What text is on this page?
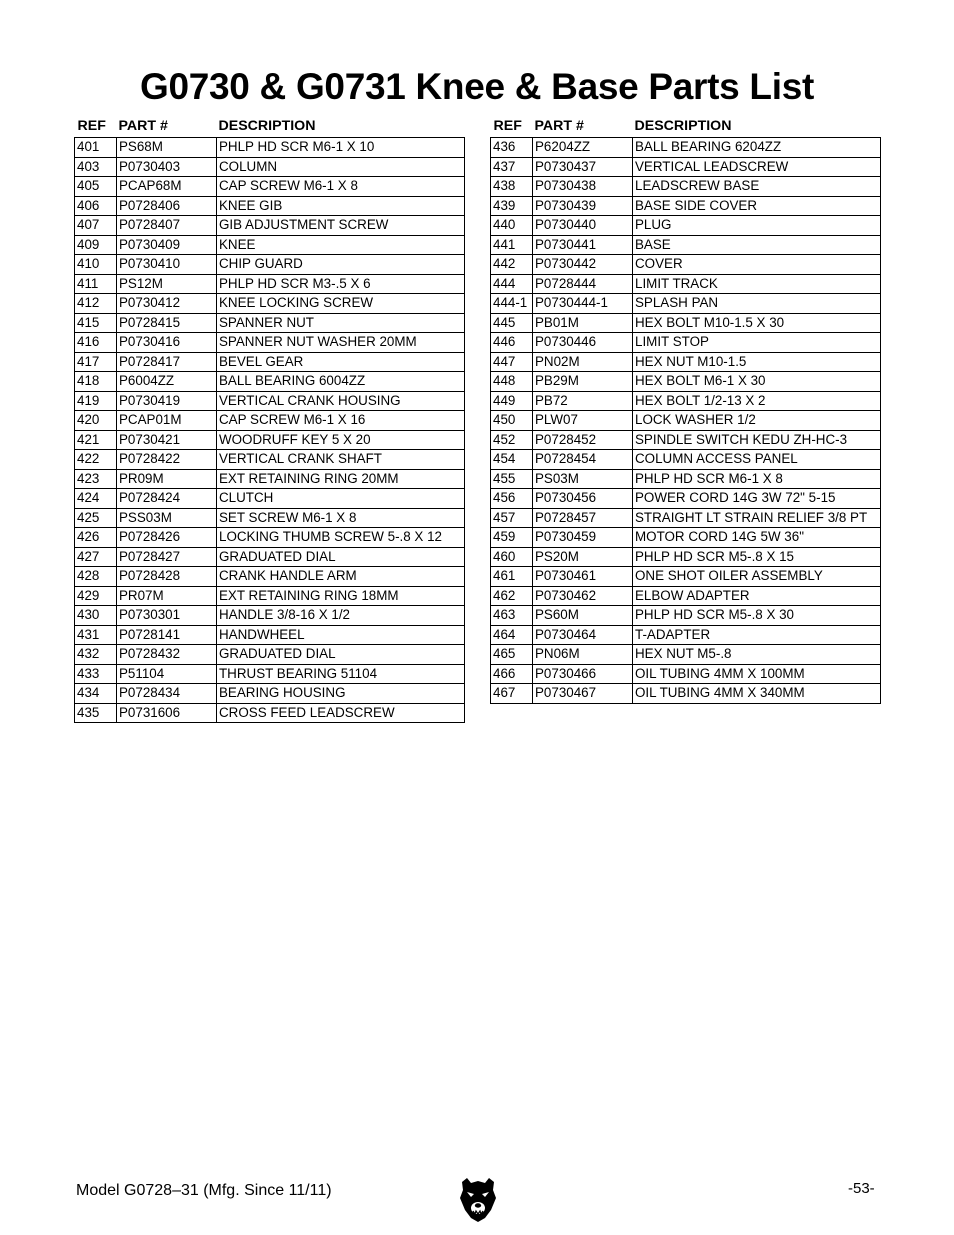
G0730 & G0731 Knee & Base Parts List
REF	PART #	DESCRIPTION
401	PS68M	PHLP HD SCR M6-1 X 10
403	P0730403	COLUMN
405	PCAP68M	CAP SCREW M6-1 X 8
406	P0728406	KNEE GIB
407	P0728407	GIB ADJUSTMENT SCREW
409	P0730409	KNEE
410	P0730410	CHIP GUARD
411	PS12M	PHLP HD SCR M3-.5 X 6
412	P0730412	KNEE LOCKING SCREW
415	P0728415	SPANNER NUT
416	P0730416	SPANNER NUT WASHER 20MM
417	P0728417	BEVEL GEAR
418	P6004ZZ	BALL BEARING 6004ZZ
419	P0730419	VERTICAL CRANK HOUSING
420	PCAP01M	CAP SCREW M6-1 X 16
421	P0730421	WOODRUFF KEY 5 X 20
422	P0728422	VERTICAL CRANK SHAFT
423	PR09M	EXT RETAINING RING 20MM
424	P0728424	CLUTCH
425	PSS03M	SET SCREW M6-1 X 8
426	P0728426	LOCKING THUMB SCREW 5-.8 X 12
427	P0728427	GRADUATED DIAL
428	P0728428	CRANK HANDLE ARM
429	PR07M	EXT RETAINING RING 18MM
430	P0730301	HANDLE 3/8-16 X 1/2
431	P0728141	HANDWHEEL
432	P0728432	GRADUATED DIAL
433	P51104	THRUST BEARING 51104
434	P0728434	BEARING HOUSING
435	P0731606	CROSS FEED LEADSCREW
REF	PART #	DESCRIPTION
436	P6204ZZ	BALL BEARING 6204ZZ
437	P0730437	VERTICAL LEADSCREW
438	P0730438	LEADSCREW BASE
439	P0730439	BASE SIDE COVER
440	P0730440	PLUG
441	P0730441	BASE
442	P0730442	COVER
444	P0728444	LIMIT TRACK
444-1	P0730444-1	SPLASH PAN
445	PB01M	HEX BOLT M10-1.5 X 30
446	P0730446	LIMIT STOP
447	PN02M	HEX NUT M10-1.5
448	PB29M	HEX BOLT M6-1 X 30
449	PB72	HEX BOLT 1/2-13 X 2
450	PLW07	LOCK WASHER 1/2
452	P0728452	SPINDLE SWITCH KEDU ZH-HC-3
454	P0728454	COLUMN ACCESS PANEL
455	PS03M	PHLP HD SCR M6-1 X 8
456	P0730456	POWER CORD 14G 3W 72" 5-15
457	P0728457	STRAIGHT LT STRAIN RELIEF 3/8 PT
459	P0730459	MOTOR CORD 14G 5W 36"
460	PS20M	PHLP HD SCR M5-.8 X 15
461	P0730461	ONE SHOT OILER ASSEMBLY
462	P0730462	ELBOW ADAPTER
463	PS60M	PHLP HD SCR M5-.8 X 30
464	P0730464	T-ADAPTER
465	PN06M	HEX NUT M5-.8
466	P0730466	OIL TUBING 4MM X 100MM
467	P0730467	OIL TUBING 4MM X 340MM
Model G0728–31 (Mfg. Since 11/11)	-53-
